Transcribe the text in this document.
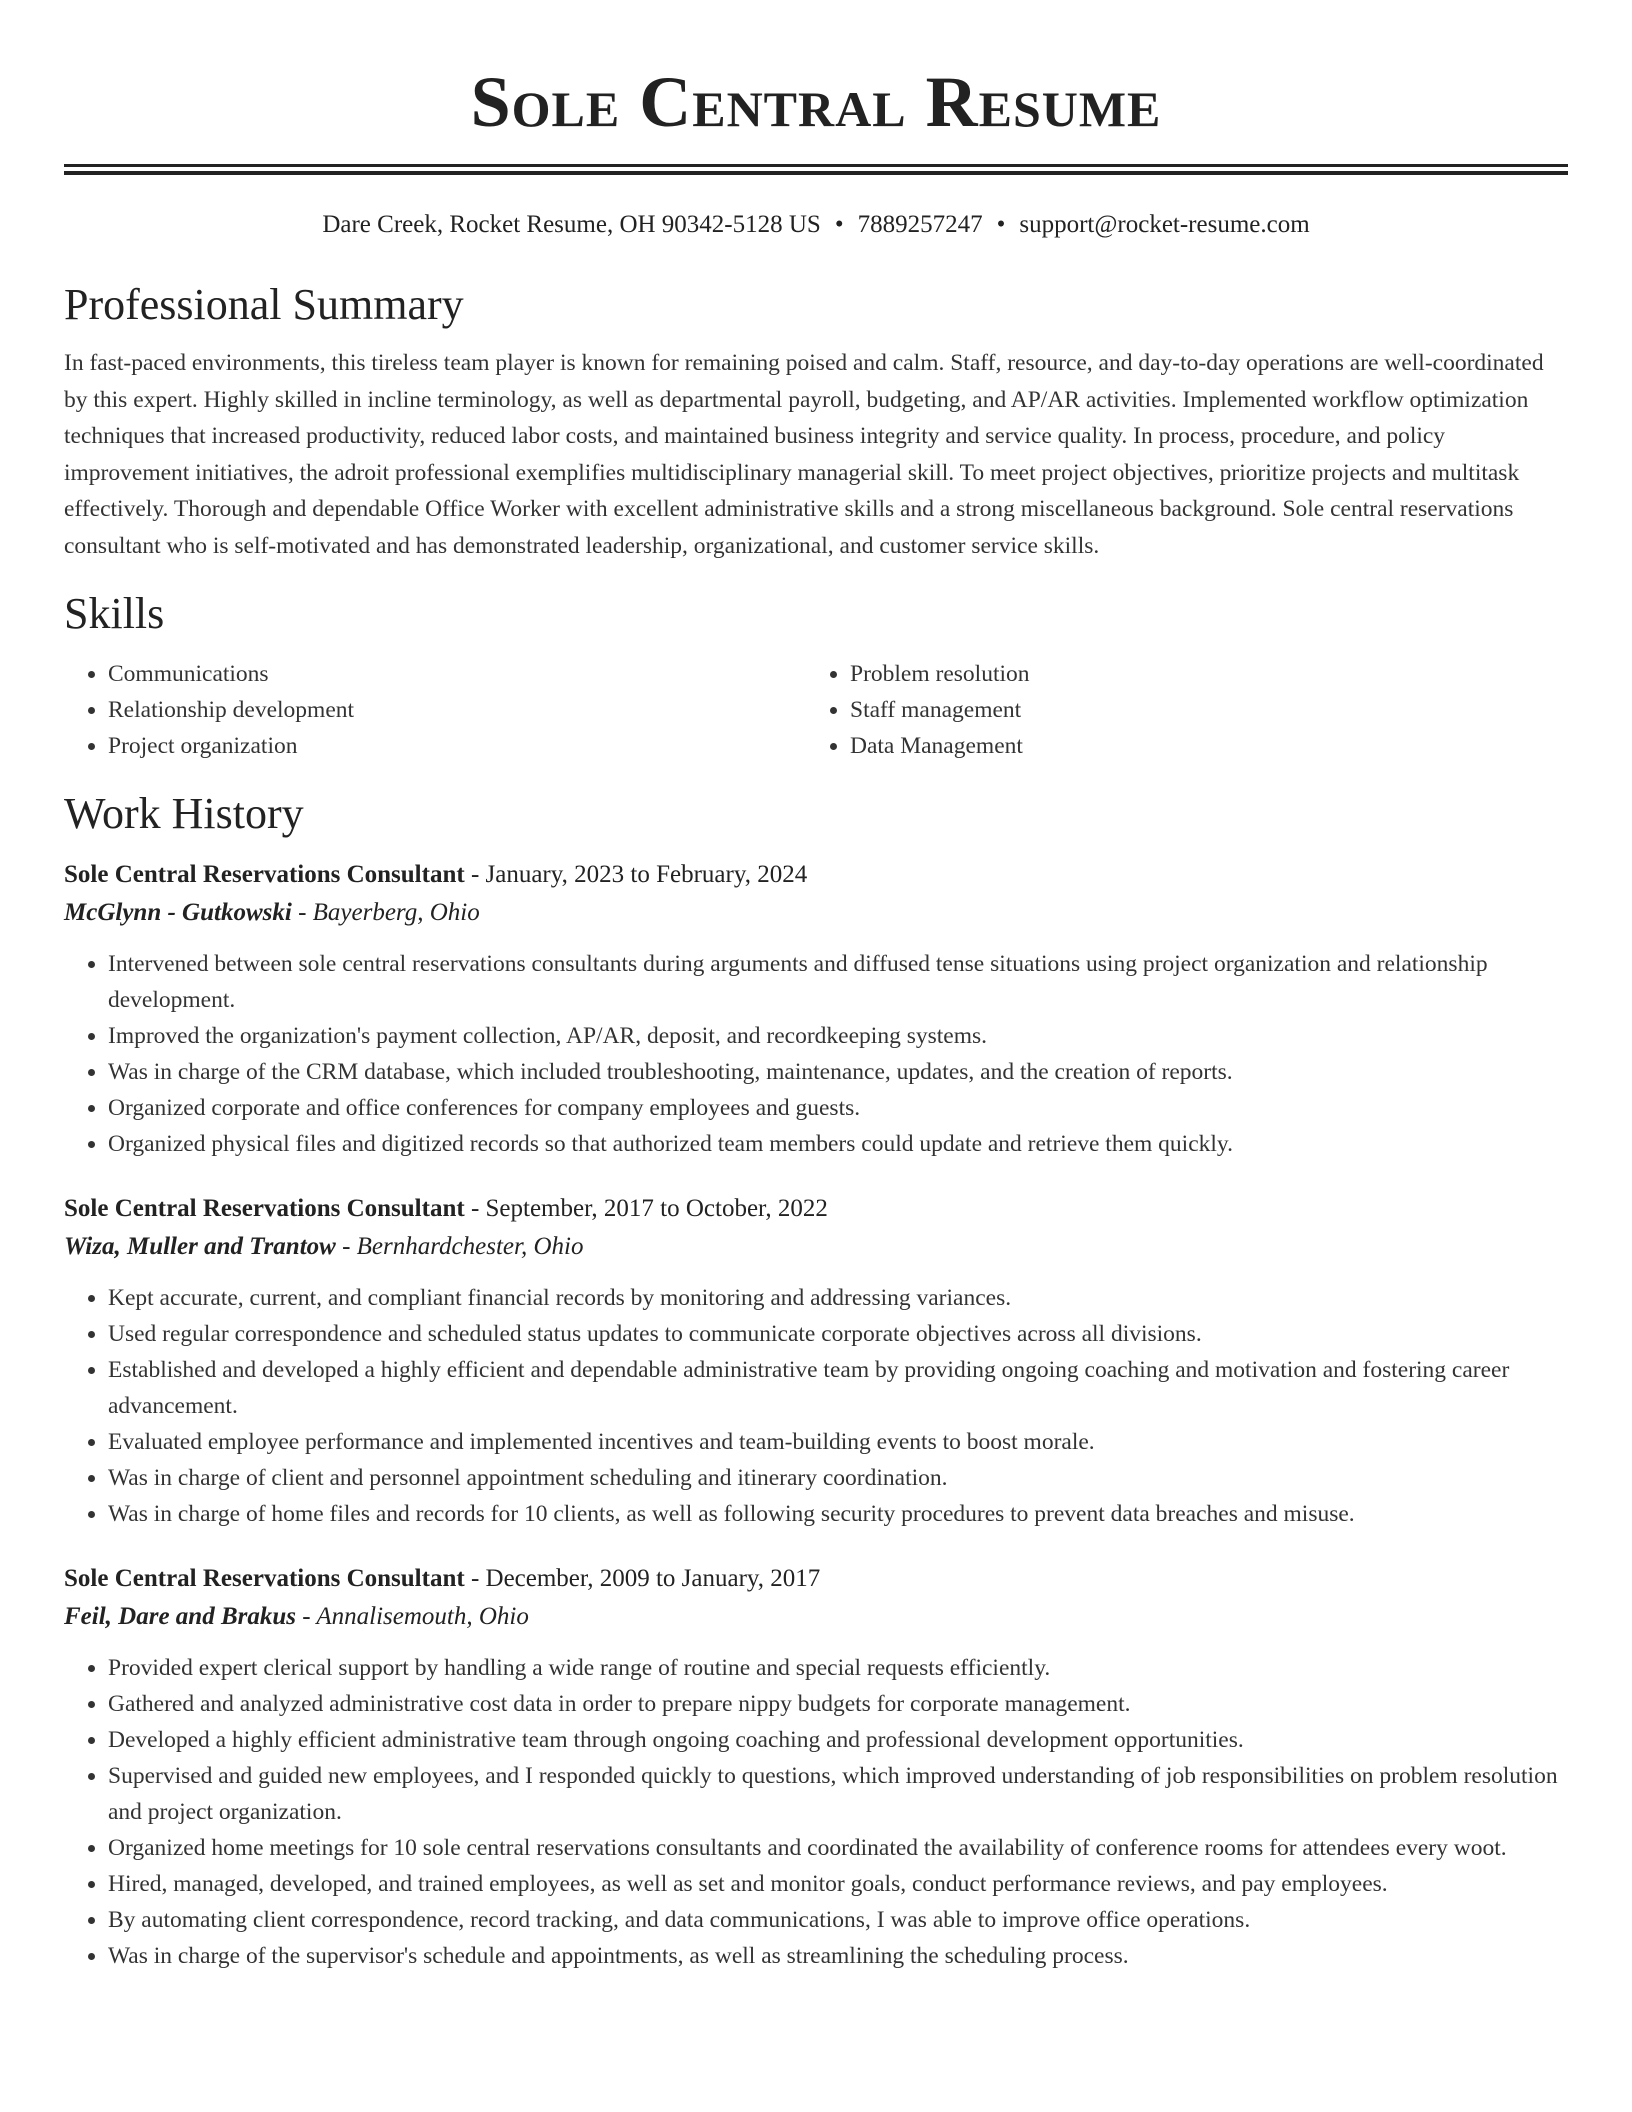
Sole Central Resume
Dare Creek, Rocket Resume, OH 90342-5128 US • 7889257247 • support@rocket-resume.com
Professional Summary

In fast-paced environments, this tireless team player is known for remaining poised and calm. Staff, resource, and day-to-day operations are well-coordinated by this expert. Highly skilled in incline terminology, as well as departmental payroll, budgeting, and AP/AR activities. Implemented workflow optimization techniques that increased productivity, reduced labor costs, and maintained business integrity and service quality. In process, procedure, and policy improvement initiatives, the adroit professional exemplifies multidisciplinary managerial skill. To meet project objectives, prioritize projects and multitask effectively. Thorough and dependable Office Worker with excellent administrative skills and a strong miscellaneous background. Sole central reservations consultant who is self-motivated and has demonstrated leadership, organizational, and customer service skills.

Skills
• Communications
• Relationship development
• Project organization
• Problem resolution
• Staff management
• Data Management
Work History
Sole Central Reservations Consultant - January, 2023 to February, 2024
McGlynn - Gutkowski - Bayerberg, Ohio
• Intervened between sole central reservations consultants during arguments and diffused tense situations using project organization and relationship development.
• Improved the organization's payment collection, AP/AR, deposit, and recordkeeping systems.
• Was in charge of the CRM database, which included troubleshooting, maintenance, updates, and the creation of reports.
• Organized corporate and office conferences for company employees and guests.
• Organized physical files and digitized records so that authorized team members could update and retrieve them quickly.
Sole Central Reservations Consultant - September, 2017 to October, 2022
Wiza, Muller and Trantow - Bernhardchester, Ohio
• Kept accurate, current, and compliant financial records by monitoring and addressing variances.
• Used regular correspondence and scheduled status updates to communicate corporate objectives across all divisions.
• Established and developed a highly efficient and dependable administrative team by providing ongoing coaching and motivation and fostering career advancement.
• Evaluated employee performance and implemented incentives and team-building events to boost morale.
• Was in charge of client and personnel appointment scheduling and itinerary coordination.
• Was in charge of home files and records for 10 clients, as well as following security procedures to prevent data breaches and misuse.
Sole Central Reservations Consultant - December, 2009 to January, 2017
Feil, Dare and Brakus - Annalisemouth, Ohio
• Provided expert clerical support by handling a wide range of routine and special requests efficiently.
• Gathered and analyzed administrative cost data in order to prepare nippy budgets for corporate management.
• Developed a highly efficient administrative team through ongoing coaching and professional development opportunities.
• Supervised and guided new employees, and I responded quickly to questions, which improved understanding of job responsibilities on problem resolution and project organization.
• Organized home meetings for 10 sole central reservations consultants and coordinated the availability of conference rooms for attendees every woot.
• Hired, managed, developed, and trained employees, as well as set and monitor goals, conduct performance reviews, and pay employees.
• By automating client correspondence, record tracking, and data communications, I was able to improve office operations.
• Was in charge of the supervisor's schedule and appointments, as well as streamlining the scheduling process.
